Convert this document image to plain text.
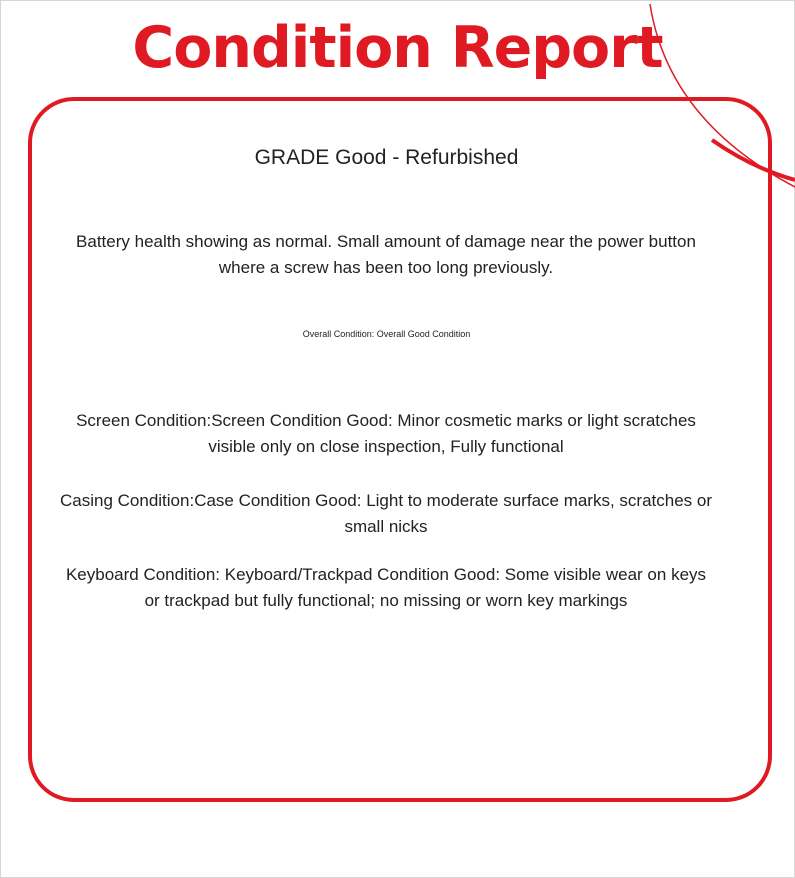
Condition Report
GRADE Good - Refurbished
Battery health showing as normal. Small amount of damage near the power button where a screw has been too long previously.
Overall Condition: Overall Good Condition
Screen Condition:Screen Condition Good: Minor cosmetic marks or light scratches visible only on close inspection, Fully functional
Casing Condition:Case Condition Good: Light to moderate surface marks, scratches or small nicks
Keyboard Condition: Keyboard/Trackpad Condition Good: Some visible wear on keys or trackpad but fully functional; no missing or worn key markings
